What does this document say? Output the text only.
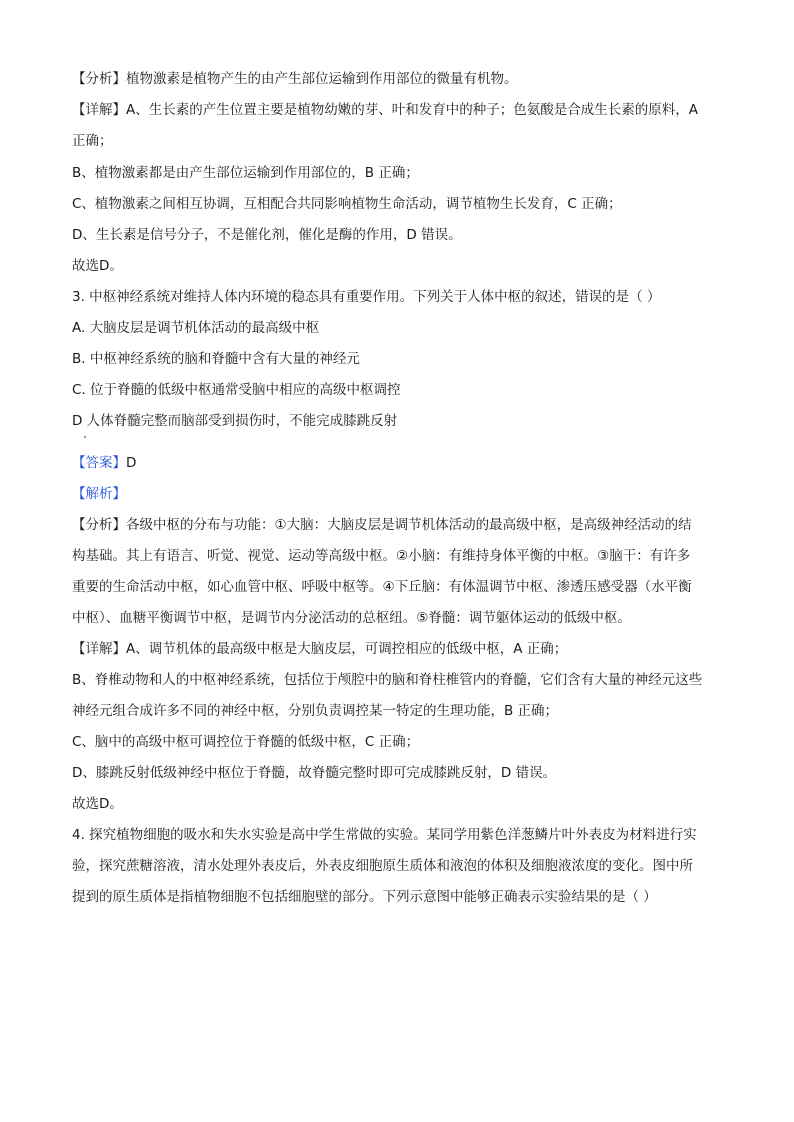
【分析】植物激素是植物产生的由产生部位运输到作用部位的微量有机物。
【详解】A、生长素的产生位置主要是植物幼嫩的芽、叶和发育中的种子；色氨酸是合成生长素的原料，A
正确；
B、植物激素都是由产生部位运输到作用部位的，B 正确；
C、植物激素之间相互协调，互相配合共同影响植物生命活动，调节植物生长发育，C 正确；
D、生长素是信号分子，不是催化剂，催化是酶的作用，D 错误。
故选D。
3. 中枢神经系统对维持人体内环境的稳态具有重要作用。下列关于人体中枢的叙述，错误的是（ ）
A. 大脑皮层是调节机体活动的最高级中枢
B. 中枢神经系统的脑和脊髓中含有大量的神经元
C. 位于脊髓的低级中枢通常受脑中相应的高级中枢调控
D 人体脊髓完整而脑部受到损伤时，不能完成膝跳反射
【答案】D
【解析】
【分析】各级中枢的分布与功能：①大脑：大脑皮层是调节机体活动的最高级中枢，是高级神经活动的结
构基础。其上有语言、听觉、视觉、运动等高级中枢。②小脑：有维持身体平衡的中枢。③脑干：有许多
重要的生命活动中枢，如心血管中枢、呼吸中枢等。④下丘脑：有体温调节中枢、渗透压感受器（水平衡
中枢）、血糖平衡调节中枢，是调节内分泌活动的总枢纽。⑤脊髓：调节躯体运动的低级中枢。
【详解】A、调节机体的最高级中枢是大脑皮层，可调控相应的低级中枢，A 正确；
B、脊椎动物和人的中枢神经系统，包括位于颅腔中的脑和脊柱椎管内的脊髓，它们含有大量的神经元这些
神经元组合成许多不同的神经中枢，分别负责调控某一特定的生理功能，B 正确；
C、脑中的高级中枢可调控位于脊髓的低级中枢，C 正确；
D、膝跳反射低级神经中枢位于脊髓，故脊髓完整时即可完成膝跳反射，D 错误。
故选D。
4. 探究植物细胞的吸水和失水实验是高中学生常做的实验。某同学用紫色洋葱鳞片叶外表皮为材料进行实
验，探究蔗糖溶液，清水处理外表皮后，外表皮细胞原生质体和液泡的体积及细胞液浓度的变化。图中所
提到的原生质体是指植物细胞不包括细胞壁的部分。下列示意图中能够正确表示实验结果的是（ ）
